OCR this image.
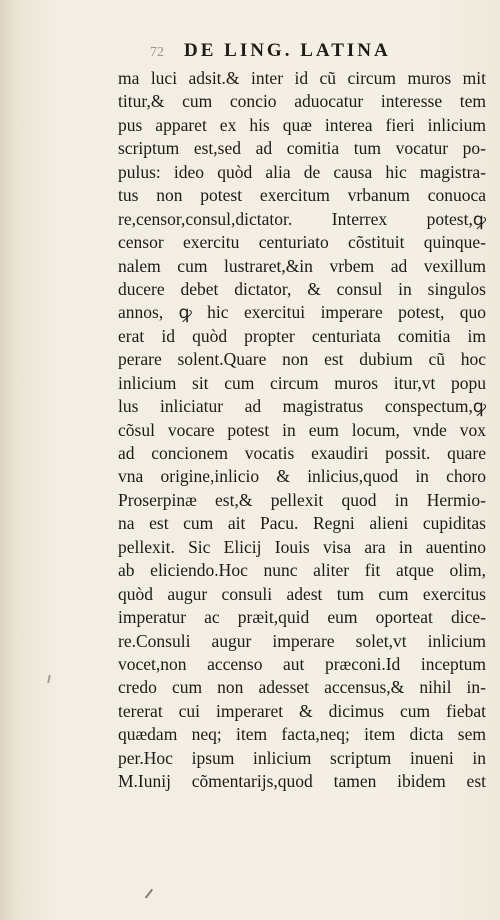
72	DE LING. LATINA
ma luci adsit.& inter id cũ circum muros mit
titur,& cum concio aduocatur interesse tem
pus apparet ex his quæ interea fieri inlicium
scriptum est,sed ad comitia tum vocatur po-
pulus: ideo quòd alia de causa hic magistra-
tus non potest exercitum vrbanum conuoca
re,censor,consul,dictator. Interrex potest,ꝙ
censor exercitu centuriato cõstituit quinque-
nalem cum lustraret,&in vrbem ad vexillum
ducere debet dictator, & consul in singulos
annos, ꝙ hic exercitui imperare potest, quo
erat id quòd propter centuriata comitia im
perare solent.Quare non est dubium cũ hoc
inlicium sit cum circum muros itur,vt popu
lus inliciatur ad magistratus conspectum,ꝙ
cõsul vocare potest in eum locum, vnde vox
ad concionem vocatis exaudiri possit. quare
vna origine,inlicio & inlicius,quod in choro
Proserpinæ est,& pellexit quod in Hermio-
na est cum ait Pacu. Regni alieni cupiditas
pellexit. Sic Elicij Iouis visa ara in auentino
ab eliciendo.Hoc nunc aliter fit atque olim,
quòd augur consuli adest tum cum exercitus
imperatur ac præit,quid eum oporteat dice-
re.Consuli augur imperare solet,vt inlicium
vocet,non accenso aut præconi.Id inceptum
credo cum non adesset accensus,& nihil in-
tererat cui imperaret & dicimus cum fiebat
quædam neq; item facta,neq; item dicta sem
per.Hoc ipsum inlicium scriptum inueni in
M.Iunij cõmentarijs,quod tamen ibidem est
